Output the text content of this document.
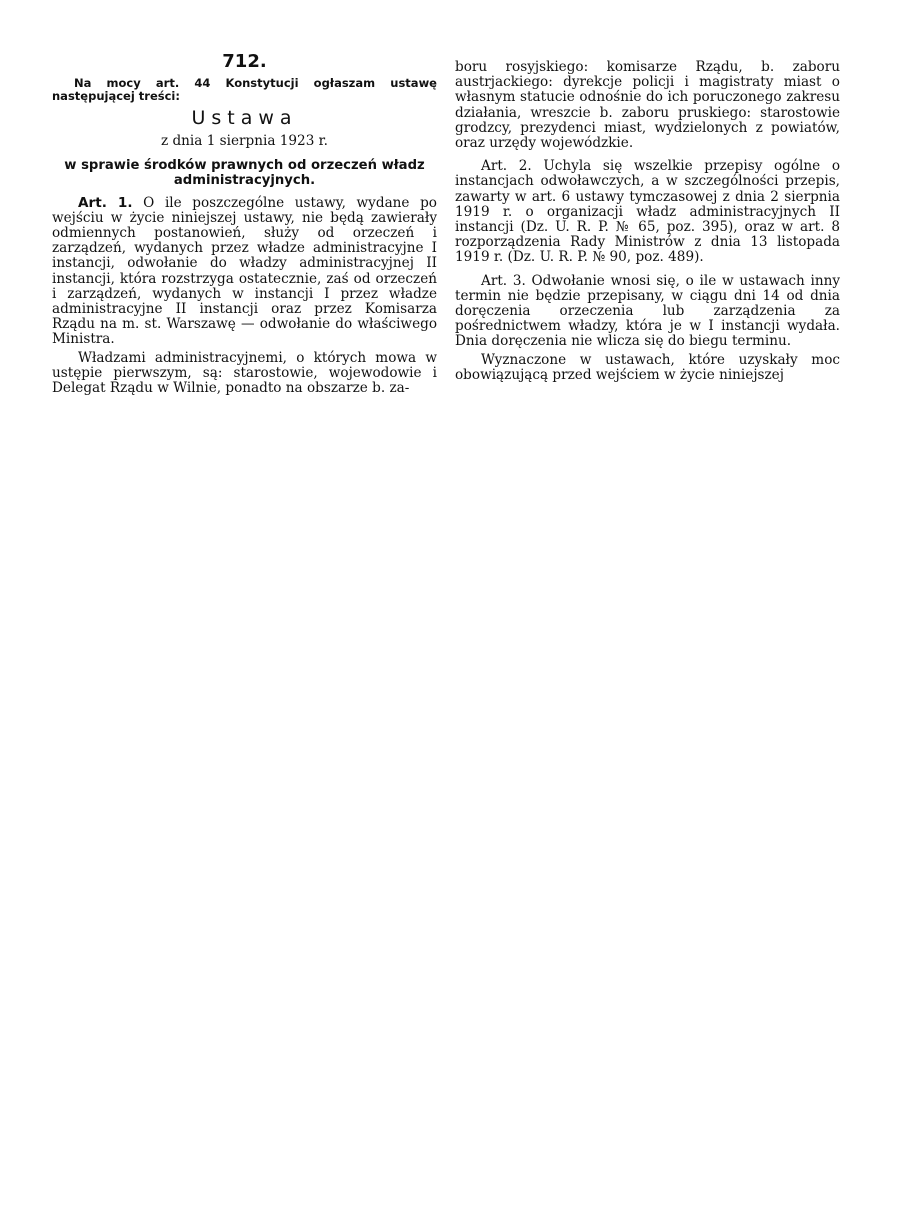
712.

Na mocy art. 44 Konstytucji ogłaszam ustawę następującej treści:

Ustawa
z dnia 1 sierpnia 1923 r.
w sprawie środków prawnych od orzeczeń władz administracyjnych.

Art. 1. O ile poszczególne ustawy, wydane po wejściu w życie niniejszej ustawy, nie będą zawierały odmiennych postanowień, służy od orzeczeń i zarządzeń, wydanych przez władze administracyjne I instancji, odwołanie do władzy administracyjnej II instancji, która rozstrzyga ostatecznie, zaś od orzeczeń i zarządzeń, wydanych w instancji I przez władze administracyjne II instancji oraz przez Komisarza Rządu na m. st. Warszawę — odwołanie do właściwego Ministra.

Władzami administracyjnemi, o których mowa w ustępie pierwszym, są: starostowie, wojewodowie i Delegat Rządu w Wilnie, ponadto na obszarze b. za-

boru rosyjskiego: komisarze Rządu, b. zaboru austrjackiego: dyrekcje policji i magistraty miast o własnym statucie odnośnie do ich poruczonego zakresu działania, wreszcie b. zaboru pruskiego: starostowie grodzcy, prezydenci miast, wydzielonych z powiatów, oraz urzędy wojewódzkie.

Art. 2. Uchyla się wszelkie przepisy ogólne o instancjach odwoławczych, a w szczególności przepis, zawarty w art. 6 ustawy tymczasowej z dnia 2 sierpnia 1919 r. o organizacji władz administracyjnych II instancji (Dz. U. R. P. № 65, poz. 395), oraz w art. 8 rozporządzenia Rady Ministrów z dnia 13 listopada 1919 r. (Dz. U. R. P. № 90, poz. 489).

Art. 3. Odwołanie wnosi się, o ile w ustawach inny termin nie będzie przepisany, w ciągu dni 14 od dnia doręczenia orzeczenia lub zarządzenia za pośrednictwem władzy, która je w I instancji wydała. Dnia doręczenia nie wlicza się do biegu terminu.

Wyznaczone w ustawach, które uzyskały moc obowiązującą przed wejściem w życie niniejszej
